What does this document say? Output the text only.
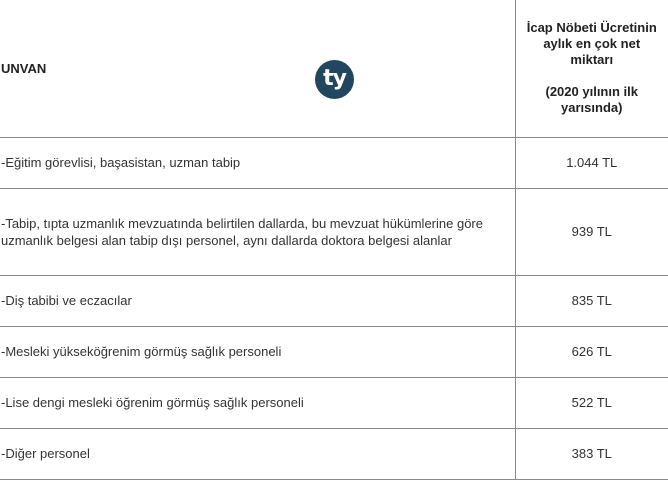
UNVAN	İcap Nöbeti Ücretinin
aylık en çok net
miktarı
(2020 yılının ilk
yarısında)

-Eğitim görevlisi, başasistan, uzman tabip	1.044 TL
-Tabip, tıpta uzmanlık mevzuatında belirtilen dallarda, bu mevzuat hükümlerine göre uzmanlık belgesi alan tabip dışı personel, aynı dallarda doktora belgesi alanlar	939 TL
-Diş tabibi ve eczacılar	835 TL
-Mesleki yükseköğrenim görmüş sağlık personeli	626 TL
-Lise dengi mesleki öğrenim görmüş sağlık personeli	522 TL
-Diğer personel	383 TL
ty
